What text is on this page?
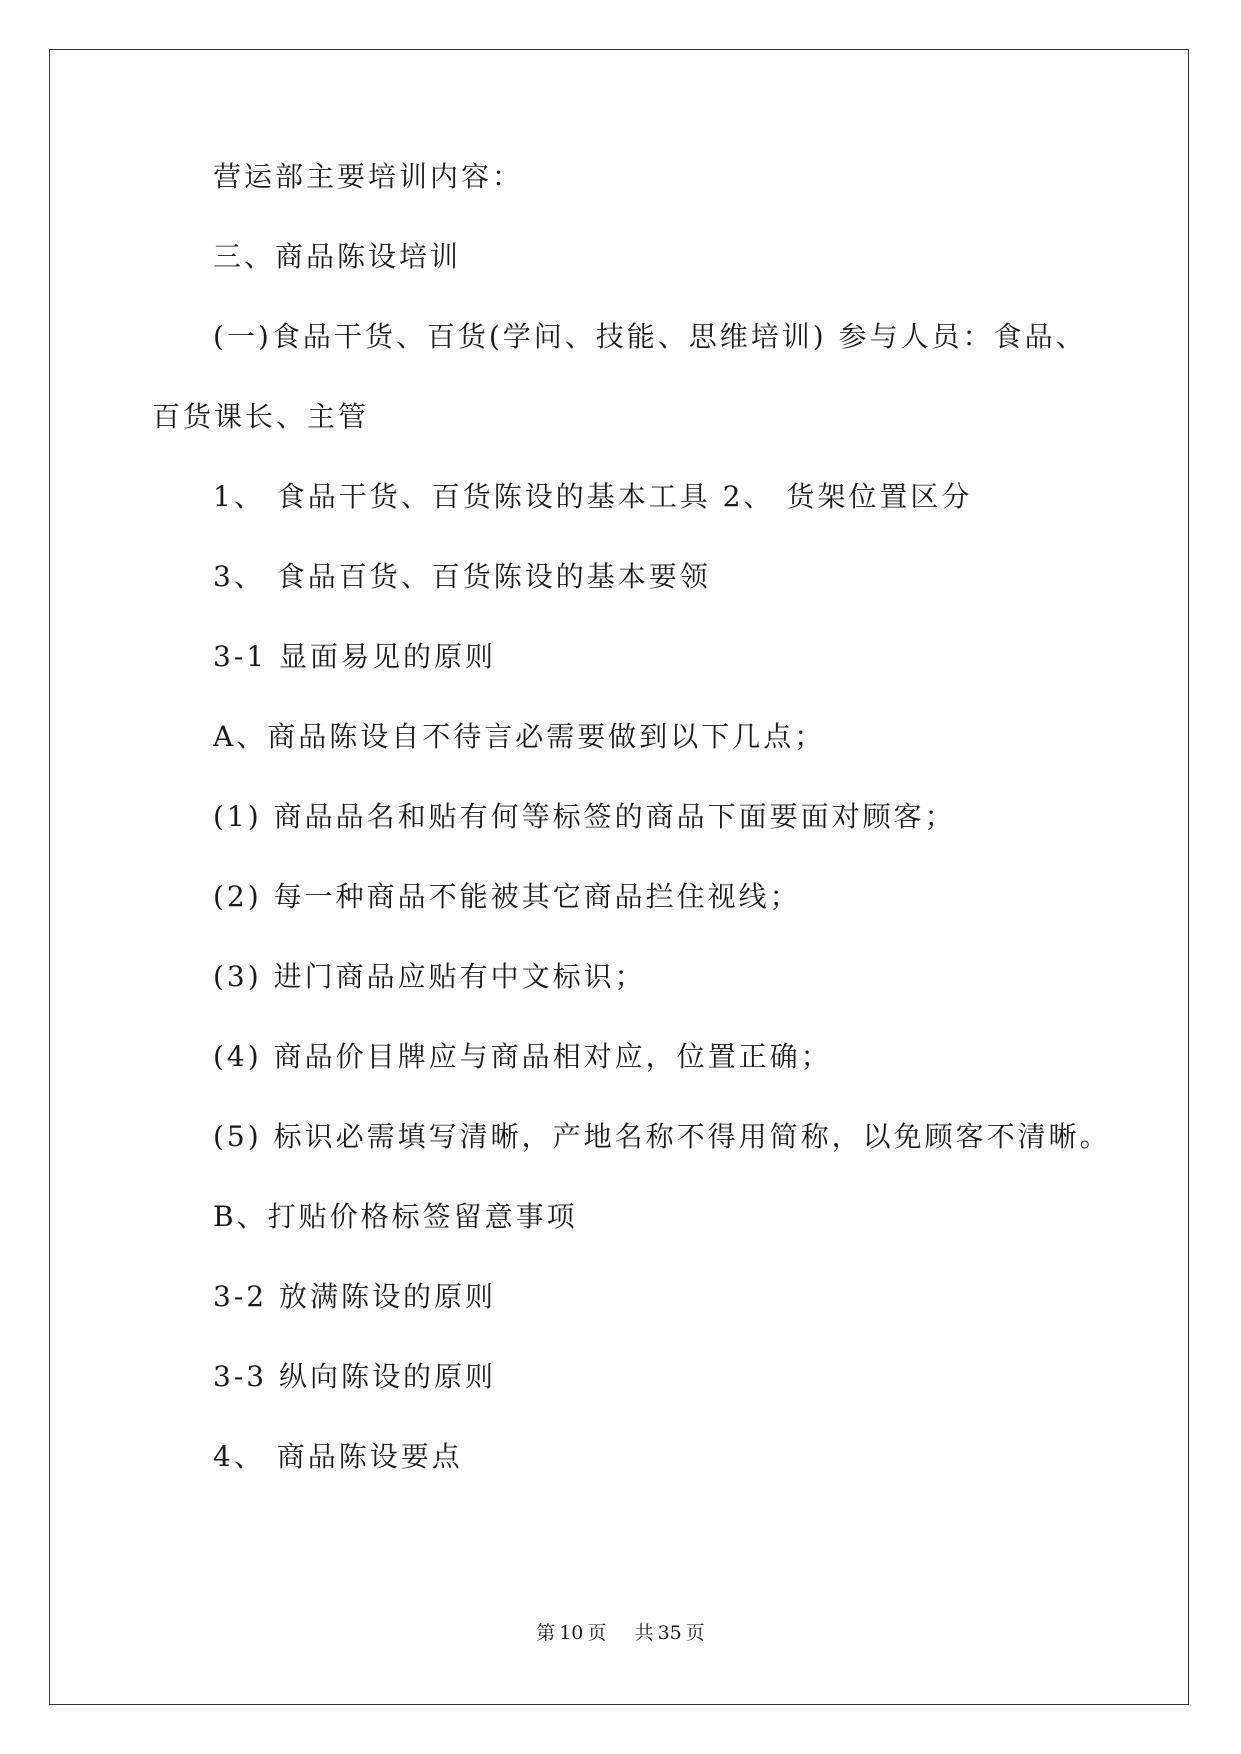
营运部主要培训内容：

三、商品陈设培训

(一)食品干货、百货(学问、技能、思维培训) 参与人员：食品、

百货课长、主管

1、 食品干货、百货陈设的基本工具 2、 货架位置区分

3、 食品百货、百货陈设的基本要领

3-1 显面易见的原则

A、商品陈设自不待言必需要做到以下几点；

(1) 商品品名和贴有何等标签的商品下面要面对顾客；

(2) 每一种商品不能被其它商品拦住视线；

(3) 进门商品应贴有中文标识；

(4) 商品价目牌应与商品相对应，位置正确；

(5) 标识必需填写清晰，产地名称不得用简称，以免顾客不清晰。

B、打贴价格标签留意事项

3-2 放满陈设的原则

3-3 纵向陈设的原则

4、 商品陈设要点

第 10 页 共 35 页
